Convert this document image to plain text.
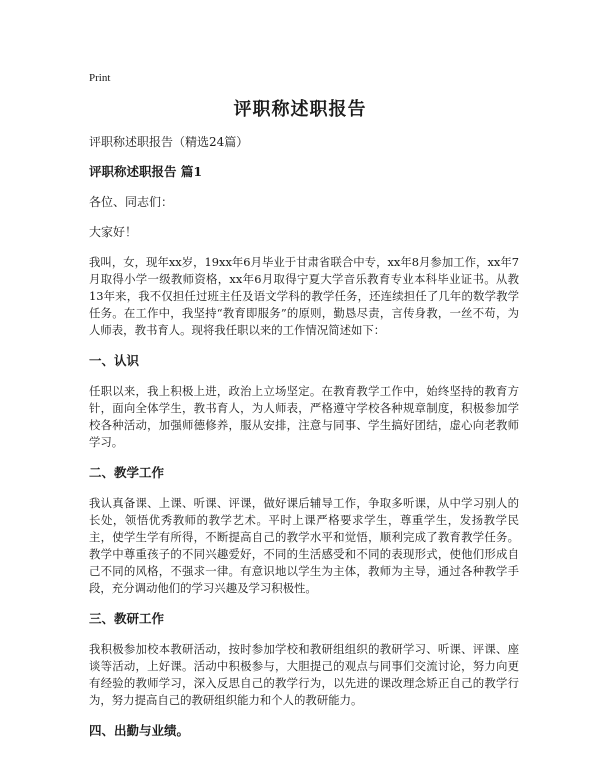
Print
评职称述职报告
评职称述职报告（精选24篇）
评职称述职报告 篇1
各位、同志们：
大家好！
我叫，女，现年xx岁，19xx年6月毕业于甘肃省联合中专，xx年8月参加工作，xx年7月取得小学一级教师资格，xx年6月取得宁夏大学音乐教育专业本科毕业证书。从教13年来，我不仅担任过班主任及语文学科的教学任务，还连续担任了几年的数学教学任务。在工作中，我坚持“教育即服务”的原则，勤恳尽责，言传身教，一丝不苟，为人师表，教书育人。现将我任职以来的工作情况简述如下：
一、认识
任职以来，我上积极上进，政治上立场坚定。在教育教学工作中，始终坚持的教育方针，面向全体学生，教书育人，为人师表，严格遵守学校各种规章制度，积极参加学校各种活动，加强师德修养，服从安排，注意与同事、学生搞好团结，虚心向老教师学习。
二、教学工作
我认真备课、上课、听课、评课，做好课后辅导工作，争取多听课，从中学习别人的长处，领悟优秀教师的教学艺术。平时上课严格要求学生，尊重学生，发扬教学民主，使学生学有所得，不断提高自己的教学水平和觉悟，顺利完成了教育教学任务。教学中尊重孩子的不同兴趣爱好，不同的生活感受和不同的表现形式，使他们形成自己不同的风格，不强求一律。有意识地以学生为主体，教师为主导，通过各种教学手段，充分调动他们的学习兴趣及学习积极性。
三、教研工作
我积极参加校本教研活动，按时参加学校和教研组组织的教研学习、听课、评课、座谈等活动，上好课。活动中积极参与，大胆提己的观点与同事们交流讨论，努力向更有经验的教师学习，深入反思自己的教学行为，以先进的课改理念矫正自己的教学行为，努力提高自己的教研组织能力和个人的教研能力。
四、出勤与业绩。
